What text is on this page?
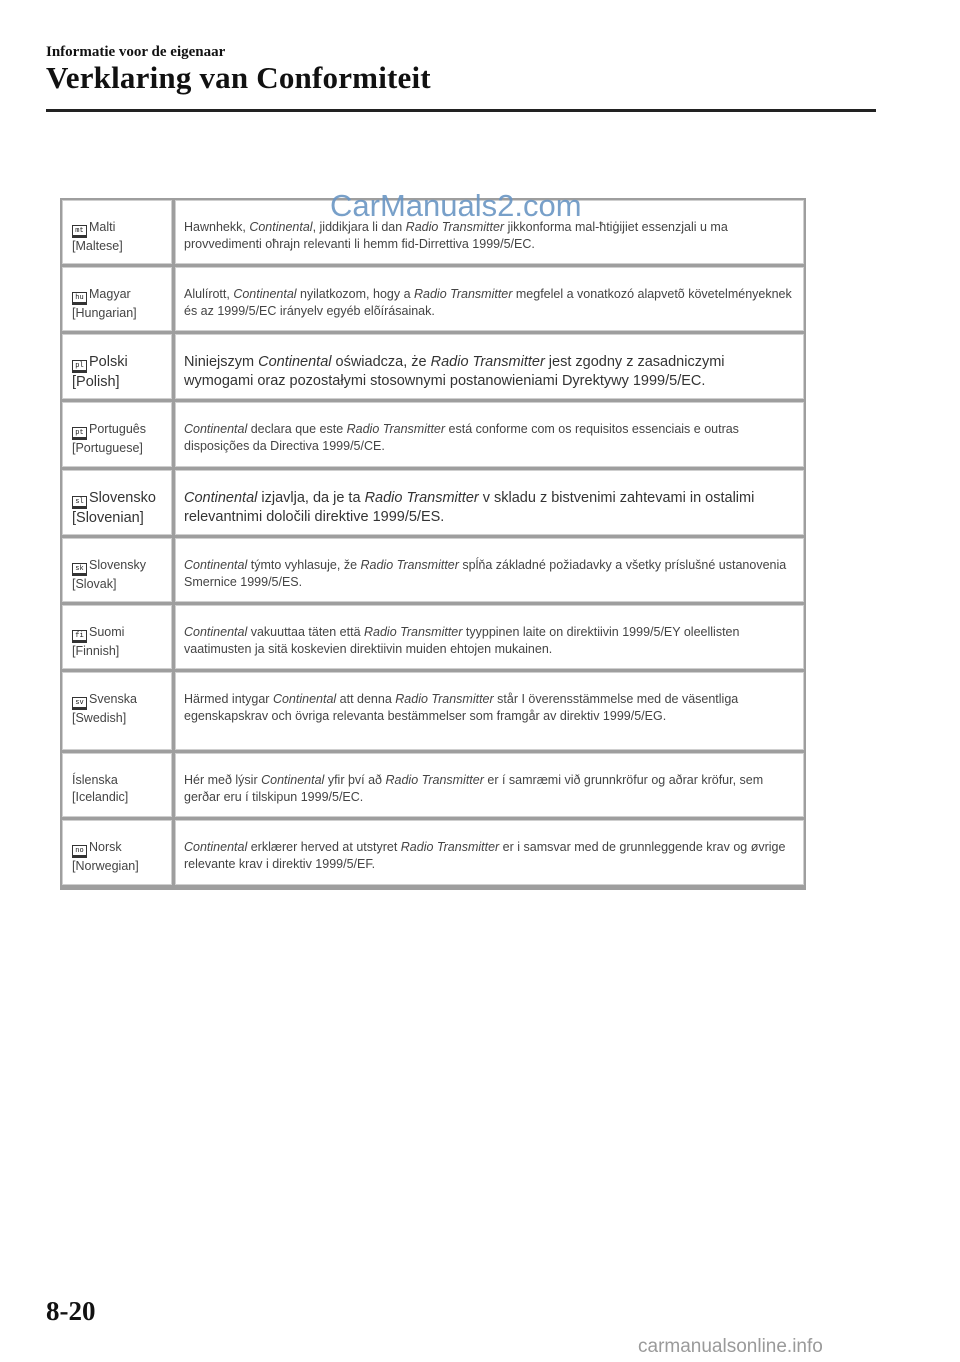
Informatie voor de eigenaar
Verklaring van Conformiteit
mt Malti
[Maltese]
Hawnhekk, Continental, jiddikjara li dan Radio Transmitter jikkonforma mal-ħtiġijiet essenzjali u ma provvedimenti oħrajn relevanti li hemm fid-Dirrettiva 1999/5/EC.
hu Magyar
[Hungarian]
Alulírott, Continental nyilatkozom, hogy a Radio Transmitter megfelel a vonatkozó alapvetõ követelményeknek és az 1999/5/EC irányelv egyéb elõírásainak.
pl Polski
[Polish]
Niniejszym Continental oświadcza, że Radio Transmitter jest zgodny z zasadniczymi wymogami oraz pozostałymi stosownymi postanowieniami Dyrektywy 1999/5/EC.
pt Português
[Portuguese]
Continental declara que este Radio Transmitter está conforme com os requisitos essenciais e outras disposições da Directiva 1999/5/CE.
sl Slovensko
[Slovenian]
Continental izjavlja, da je ta Radio Transmitter v skladu z bistvenimi zahtevami in ostalimi relevantnimi določili direktive 1999/5/ES.
sk Slovensky
[Slovak]
Continental týmto vyhlasuje, že Radio Transmitter spĺňa základné požiadavky a všetky príslušné ustanovenia Smernice 1999/5/ES.
fi Suomi
[Finnish]
Continental vakuuttaa täten että Radio Transmitter tyyppinen laite on direktiivin 1999/5/EY oleellisten vaatimusten ja sitä koskevien direktiivin muiden ehtojen mukainen.
sv Svenska
[Swedish]
Härmed intygar Continental att denna Radio Transmitter står I överensstämmelse med de väsentliga egenskapskrav och övriga relevanta bestämmelser som framgår av direktiv 1999/5/EG.
Íslenska
[Icelandic]
Hér með lýsir Continental yfir því að Radio Transmitter er í samræmi við grunnkröfur og aðrar kröfur, sem gerðar eru í tilskipun 1999/5/EC.
no Norsk
[Norwegian]
Continental erklærer herved at utstyret Radio Transmitter er i samsvar med de grunnleggende krav og øvrige relevante krav i direktiv 1999/5/EF.
CarManuals2.com
8-20
carmanualsonline.info
